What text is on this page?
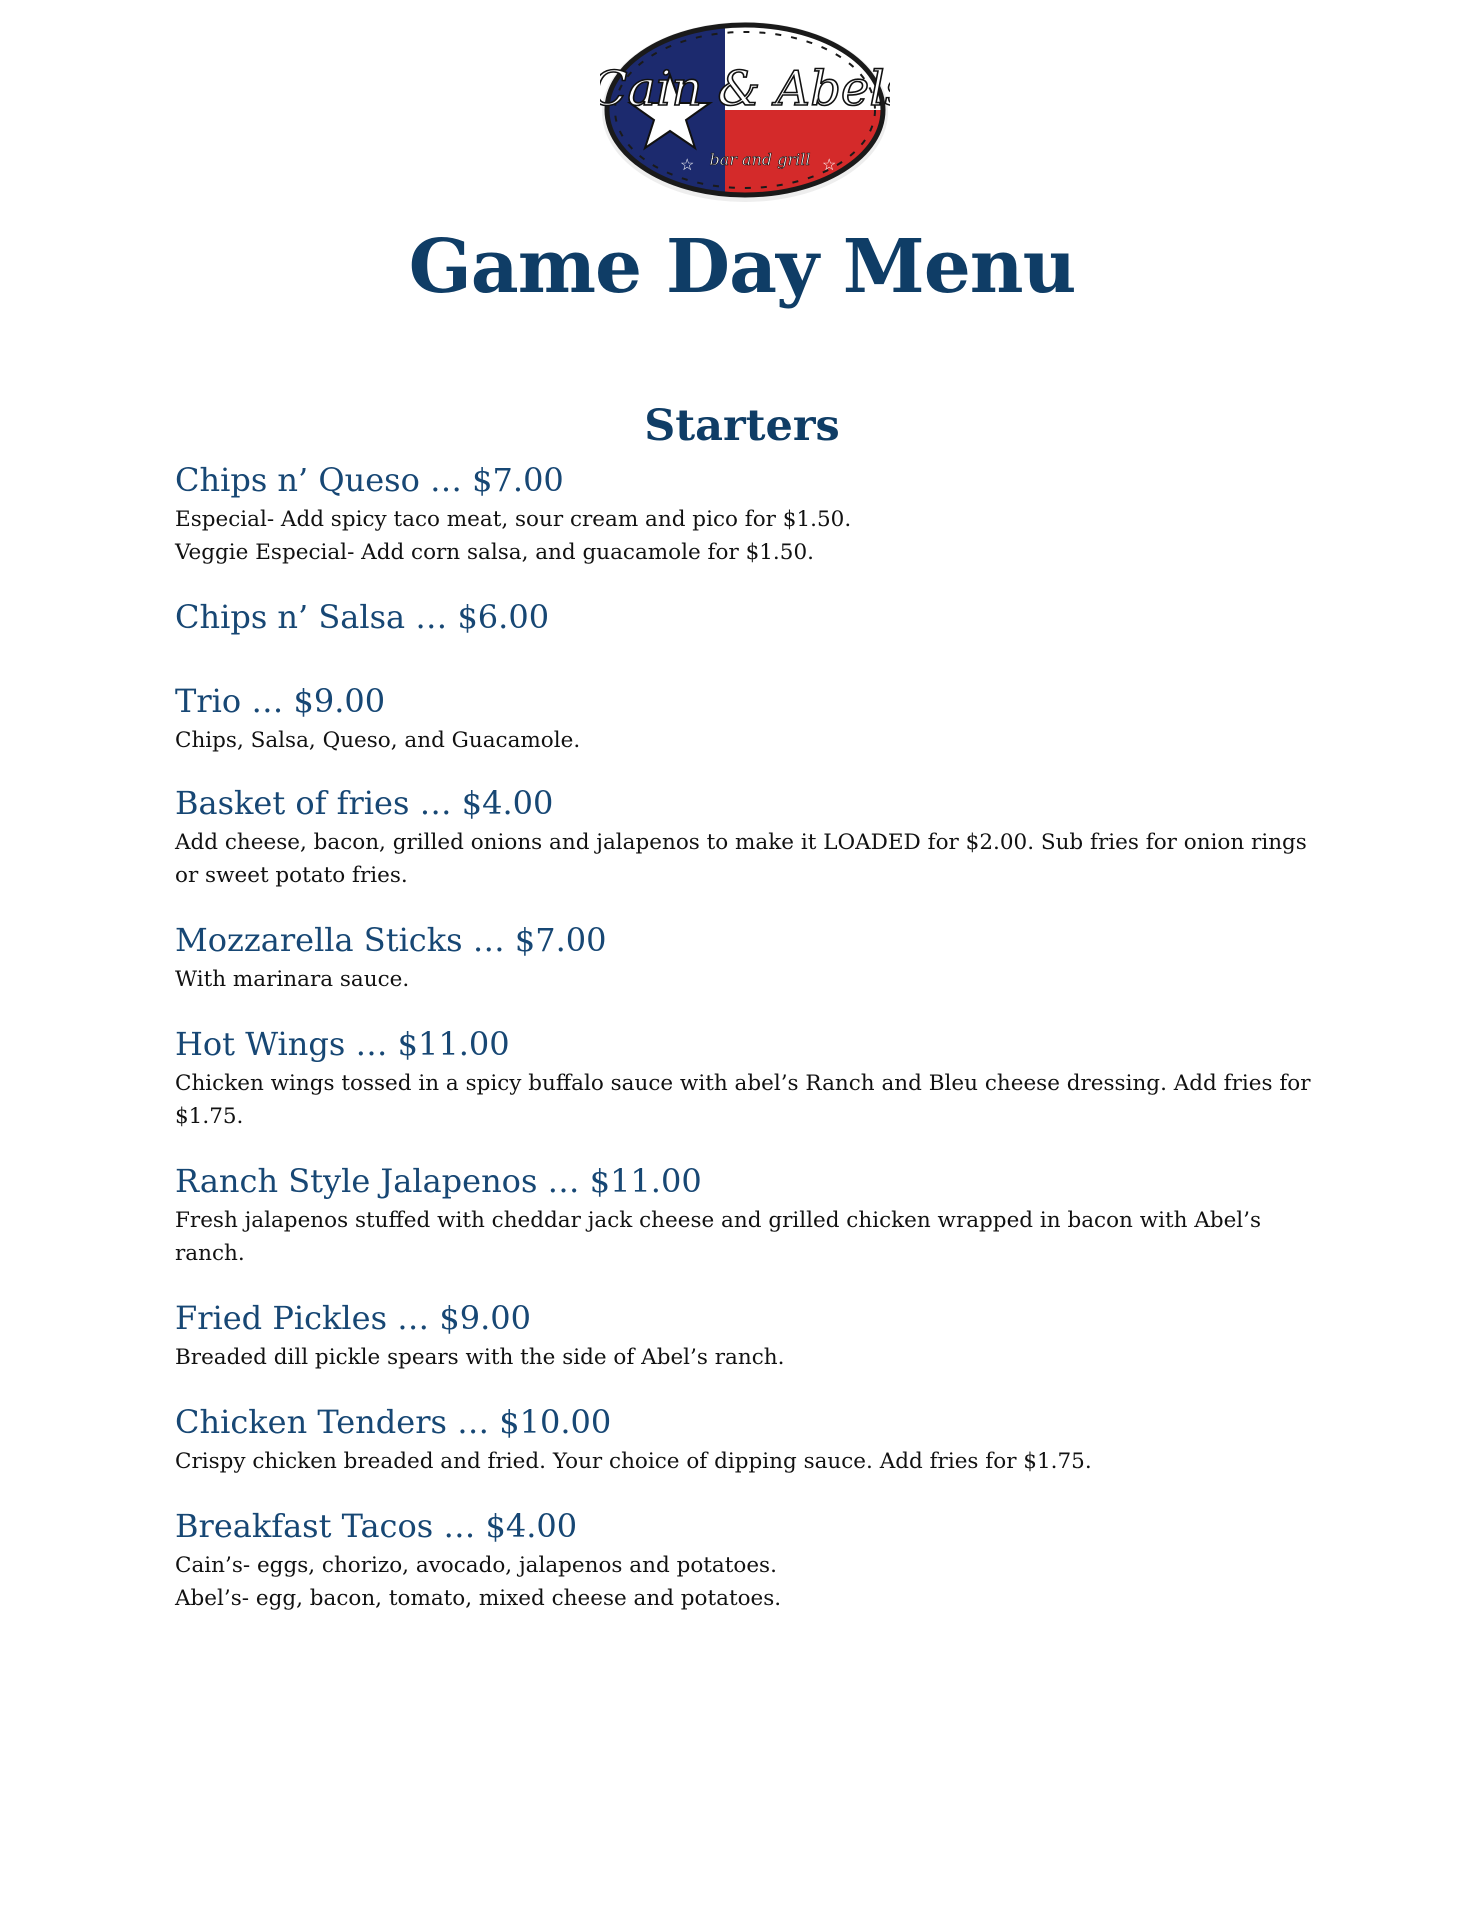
Cain & Abels
bar and grill
☆	☆
Game Day Menu
Starters
Chips n’ Queso … $7.00
Especial- Add spicy taco meat, sour cream and pico for $1.50.
Veggie Especial- Add corn salsa, and guacamole for $1.50.
Chips n’ Salsa … $6.00
Trio … $9.00
Chips, Salsa, Queso, and Guacamole.
Basket of fries … $4.00
Add cheese, bacon, grilled onions and jalapenos to make it LOADED for $2.00. Sub fries for onion rings or sweet potato fries.
Mozzarella Sticks … $7.00
With marinara sauce.
Hot Wings … $11.00
Chicken wings tossed in a spicy buffalo sauce with abel’s Ranch and Bleu cheese dressing. Add fries for $1.75.
Ranch Style Jalapenos … $11.00
Fresh jalapenos stuffed with cheddar jack cheese and grilled chicken wrapped in bacon with Abel’s ranch.
Fried Pickles … $9.00
Breaded dill pickle spears with the side of Abel’s ranch.
Chicken Tenders … $10.00
Crispy chicken breaded and fried. Your choice of dipping sauce. Add fries for $1.75.
Breakfast Tacos … $4.00
Cain’s- eggs, chorizo, avocado, jalapenos and potatoes.
Abel’s- egg, bacon, tomato, mixed cheese and potatoes.
